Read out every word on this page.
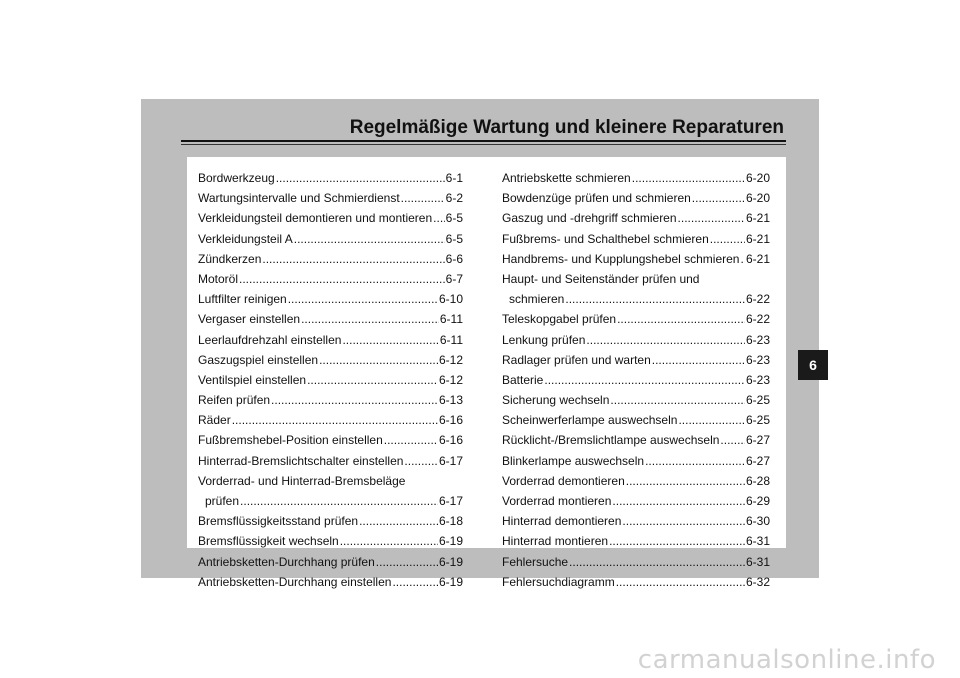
Regelmäßige Wartung und kleinere Reparaturen
Bordwerkzeug .....	6-1
Wartungsintervalle und Schmierdienst .....	6-2
Verkleidungsteil demontieren und montieren ..... 6-5
Verkleidungsteil A .....	6-5
Zündkerzen .....	6-6
Motoröl .....	6-7
Luftfilter reinigen .....	6-10
Vergaser einstellen .....	6-11
Leerlaufdrehzahl einstellen .....	6-11
Gaszugspiel einstellen .....	6-12
Ventilspiel einstellen .....	6-12
Reifen prüfen .....	6-13
Räder .....	6-16
Fußbremshebel-Position einstellen .....	6-16
Hinterrad-Bremslichtschalter einstellen .....	6-17
Vorderrad- und Hinterrad-Bremsbeläge
prüfen .....	6-17
Bremsflüssigkeitsstand prüfen .....	6-18
Bremsflüssigkeit wechseln .....	6-19
Antriebsketten-Durchhang prüfen .....	6-19
Antriebsketten-Durchhang einstellen .....	6-19
Antriebskette schmieren .....	6-20
Bowdenzüge prüfen und schmieren .....	6-20
Gaszug und -drehgriff schmieren .....	6-21
Fußbrems- und Schalthebel schmieren .....	6-21
Handbrems- und Kupplungshebel schmieren ..... 6-21
Haupt- und Seitenständer prüfen und
schmieren .....	6-22
Teleskopgabel prüfen .....	6-22
Lenkung prüfen .....	6-23
Radlager prüfen und warten .....	6-23
Batterie .....	6-23
Sicherung wechseln .....	6-25
Scheinwerferlampe auswechseln .....	6-25
Rücklicht-/Bremslichtlampe auswechseln ..... 6-27
Blinkerlampe auswechseln .....	6-27
Vorderrad demontieren .....	6-28
Vorderrad montieren .....	6-29
Hinterrad demontieren .....	6-30
Hinterrad montieren .....	6-31
Fehlersuche .....	6-31
Fehlersuchdiagramm .....	6-32
6
carmanualsonline.info
